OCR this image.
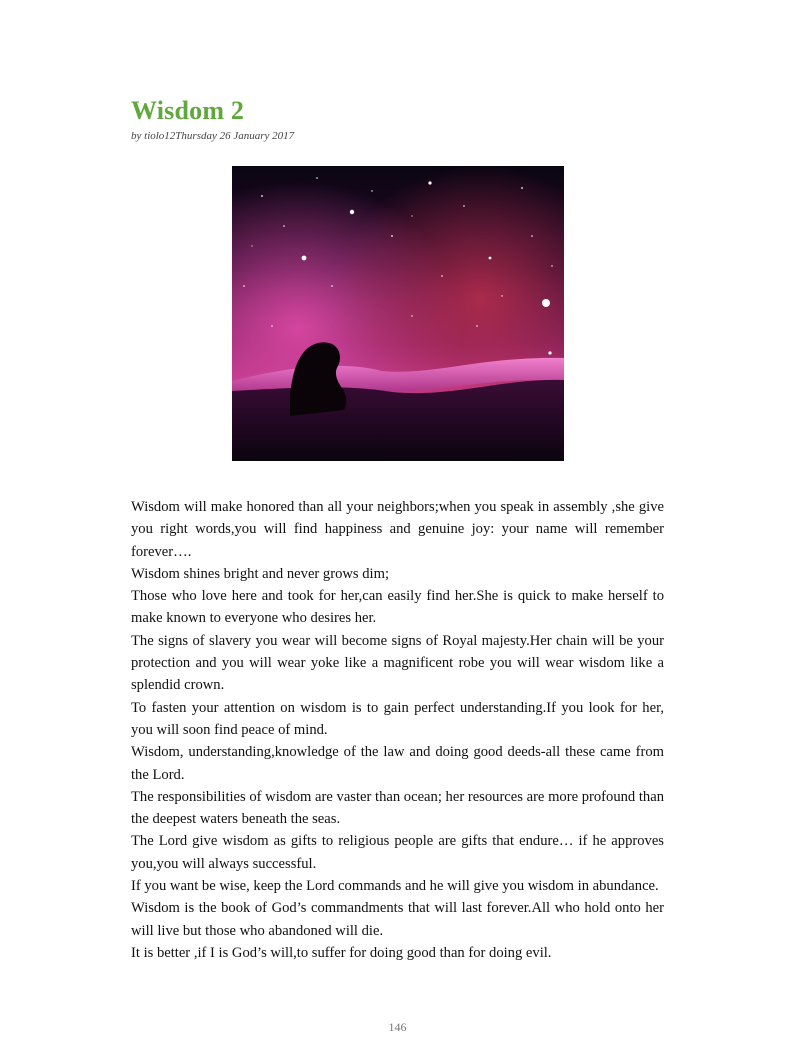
Wisdom 2
by tiolo12Thursday 26 January 2017

Wisdom will make honored than all your neighbors;when you speak in assembly ,she give you right words,you will find happiness and genuine joy: your name will remember forever….

Wisdom shines bright and never grows dim;

Those who love here and took for her,can easily find her.She is quick to make herself to make known to everyone who desires her.

The signs of slavery you wear will become signs of Royal majesty.Her chain will be your protection and you will wear yoke like a magnificent robe you will wear wisdom like a splendid crown.

To fasten your attention on wisdom is to gain perfect understanding.If you look for her, you will soon find peace of mind.

Wisdom, understanding,knowledge of the law and doing good deeds-all these came from the Lord.

The responsibilities of wisdom are vaster than ocean; her resources are more profound than the deepest waters beneath the seas.

The Lord give wisdom as gifts to religious people are gifts that endure… if he approves you,you will always successful.

If you want be wise, keep the Lord commands and he will give you wisdom in abundance.

Wisdom is the book of God’s commandments that will last forever.All who hold onto her will live but those who abandoned will die.

It is better ,if I is God’s will,to suffer for doing good than for doing evil.

146
